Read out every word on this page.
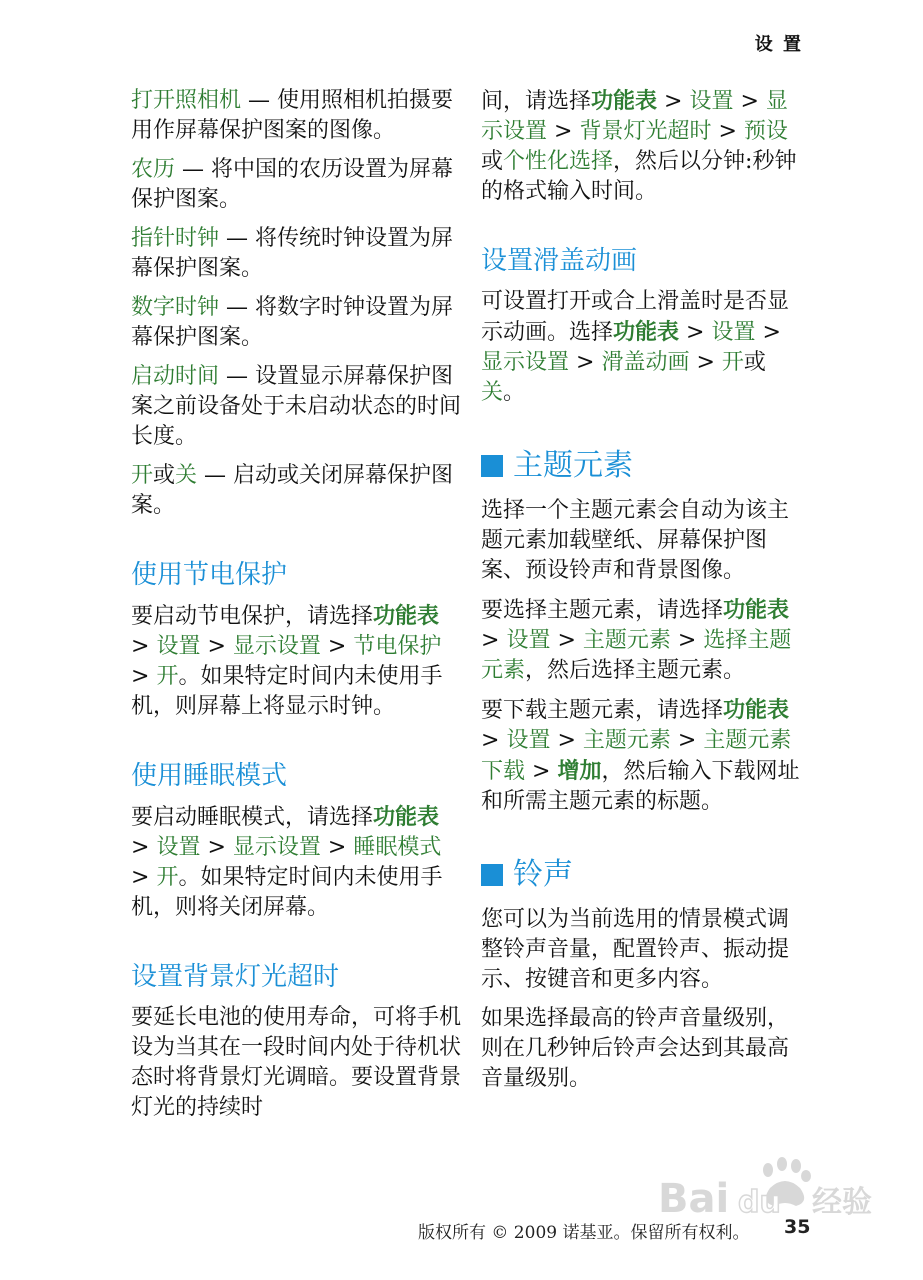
设 置

打开照相机 — 使用照相机拍摄要用作屏幕保护图案的图像。

农历 — 将中国的农历设置为屏幕保护图案。

指针时钟 — 将传统时钟设置为屏幕保护图案。

数字时钟 — 将数字时钟设置为屏幕保护图案。

启动时间 — 设置显示屏幕保护图案之前设备处于未启动状态的时间长度。

开或关 — 启动或关闭屏幕保护图案。

使用节电保护

要启动节电保护，请选择功能表 > 设置 > 显示设置 > 节电保护 > 开。如果特定时间内未使用手机，则屏幕上将显示时钟。

使用睡眠模式

要启动睡眠模式，请选择功能表 > 设置 > 显示设置 > 睡眠模式 > 开。如果特定时间内未使用手机，则将关闭屏幕。

设置背景灯光超时

要延长电池的使用寿命，可将手机设为当其在一段时间内处于待机状态时将背景灯光调暗。要设置背景灯光的持续时

间，请选择功能表 > 设置 > 显示设置 > 背景灯光超时 > 预设或个性化选择，然后以分钟:秒钟的格式输入时间。

设置滑盖动画

可设置打开或合上滑盖时是否显示动画。选择功能表 > 设置 > 显示设置 > 滑盖动画 > 开或关。

主题元素

选择一个主题元素会自动为该主题元素加载壁纸、屏幕保护图案、预设铃声和背景图像。

要选择主题元素，请选择功能表 > 设置 > 主题元素 > 选择主题元素，然后选择主题元素。

要下载主题元素，请选择功能表 > 设置 > 主题元素 > 主题元素下载 > 增加，然后输入下载网址和所需主题元素的标题。

铃声

您可以为当前选用的情景模式调整铃声音量，配置铃声、振动提示、按键音和更多内容。

如果选择最高的铃声音量级别，则在几秒钟后铃声会达到其最高音量级别。

Bai du 经验
版权所有 © 2009 诺基亚。保留所有权利。 35
